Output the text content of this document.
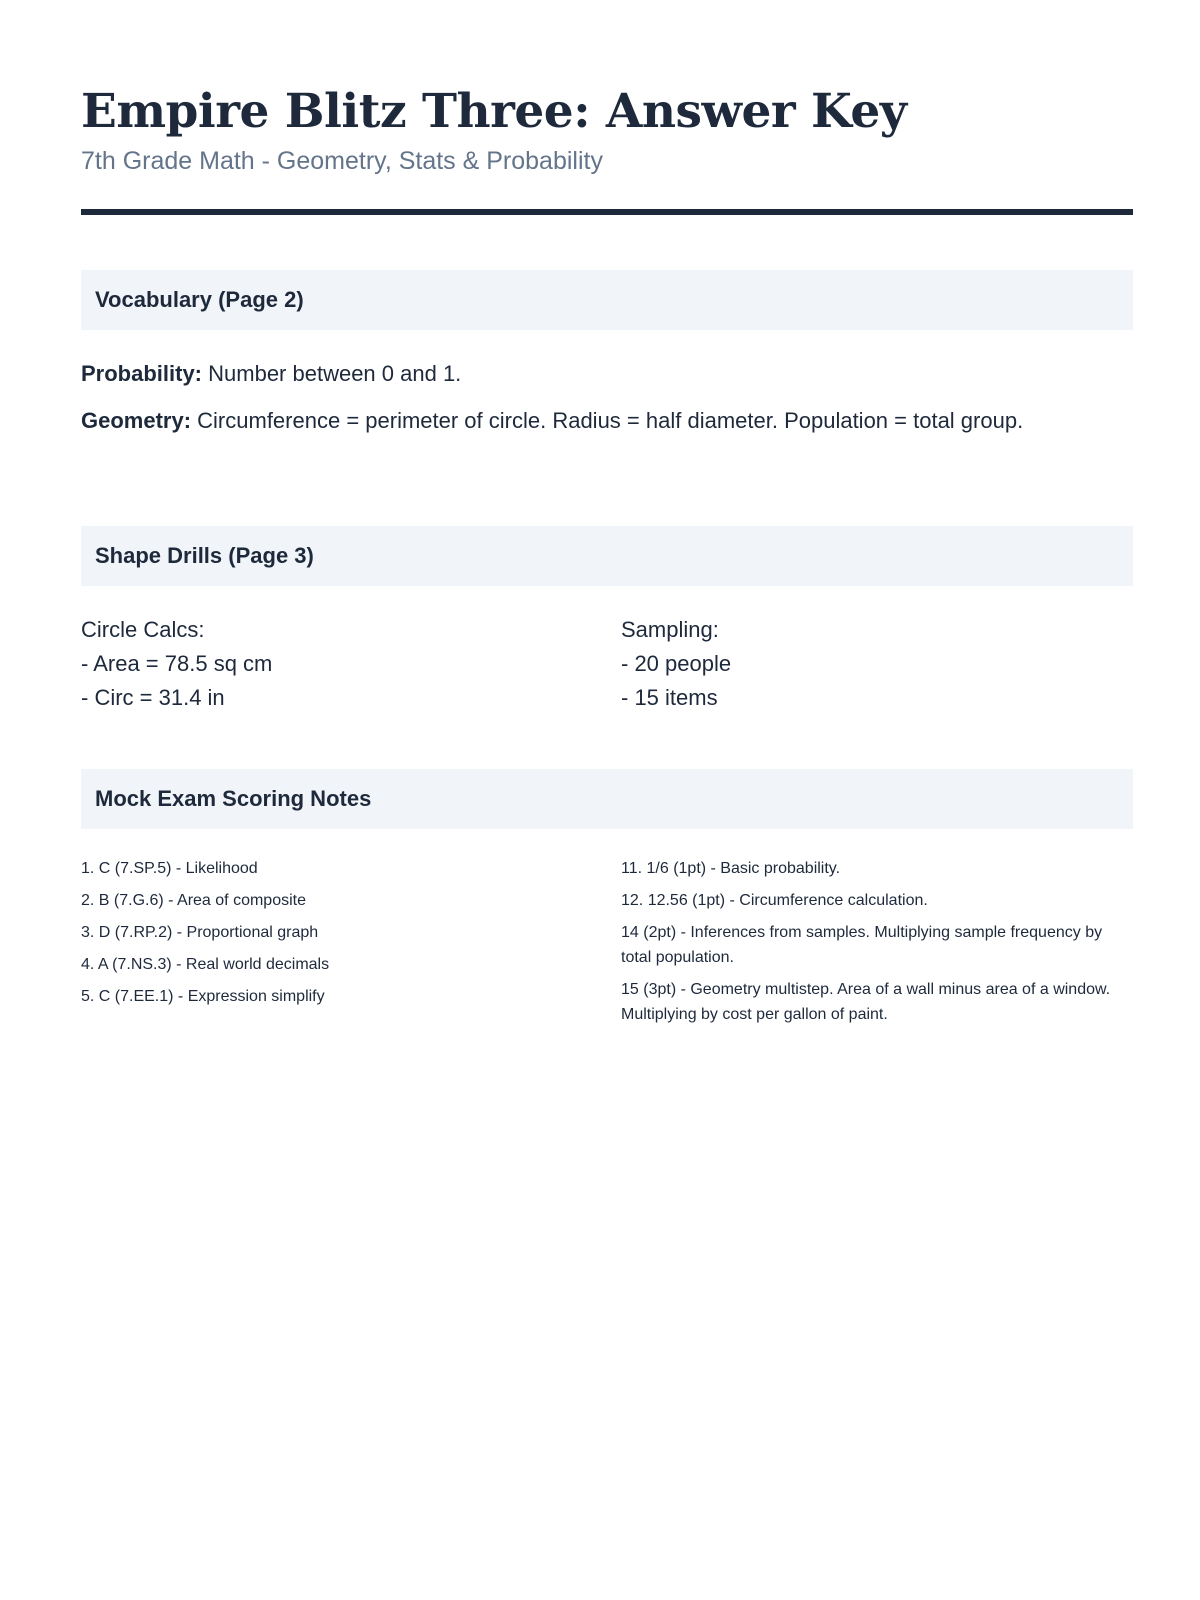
Empire Blitz Three: Answer Key
7th Grade Math - Geometry, Stats & Probability
Vocabulary (Page 2)
Probability: Number between 0 and 1.
Geometry: Circumference = perimeter of circle. Radius = half diameter. Population = total group.
Shape Drills (Page 3)
Circle Calcs:
- Area = 78.5 sq cm
- Circ = 31.4 in
Sampling:
- 20 people
- 15 items
Mock Exam Scoring Notes
1. C (7.SP.5) - Likelihood
2. B (7.G.6) - Area of composite
3. D (7.RP.2) - Proportional graph
4. A (7.NS.3) - Real world decimals
5. C (7.EE.1) - Expression simplify
11. 1/6 (1pt) - Basic probability.
12. 12.56 (1pt) - Circumference calculation.
14 (2pt) - Inferences from samples. Multiplying sample frequency by total population.
15 (3pt) - Geometry multistep. Area of a wall minus area of a window. Multiplying by cost per gallon of paint.
